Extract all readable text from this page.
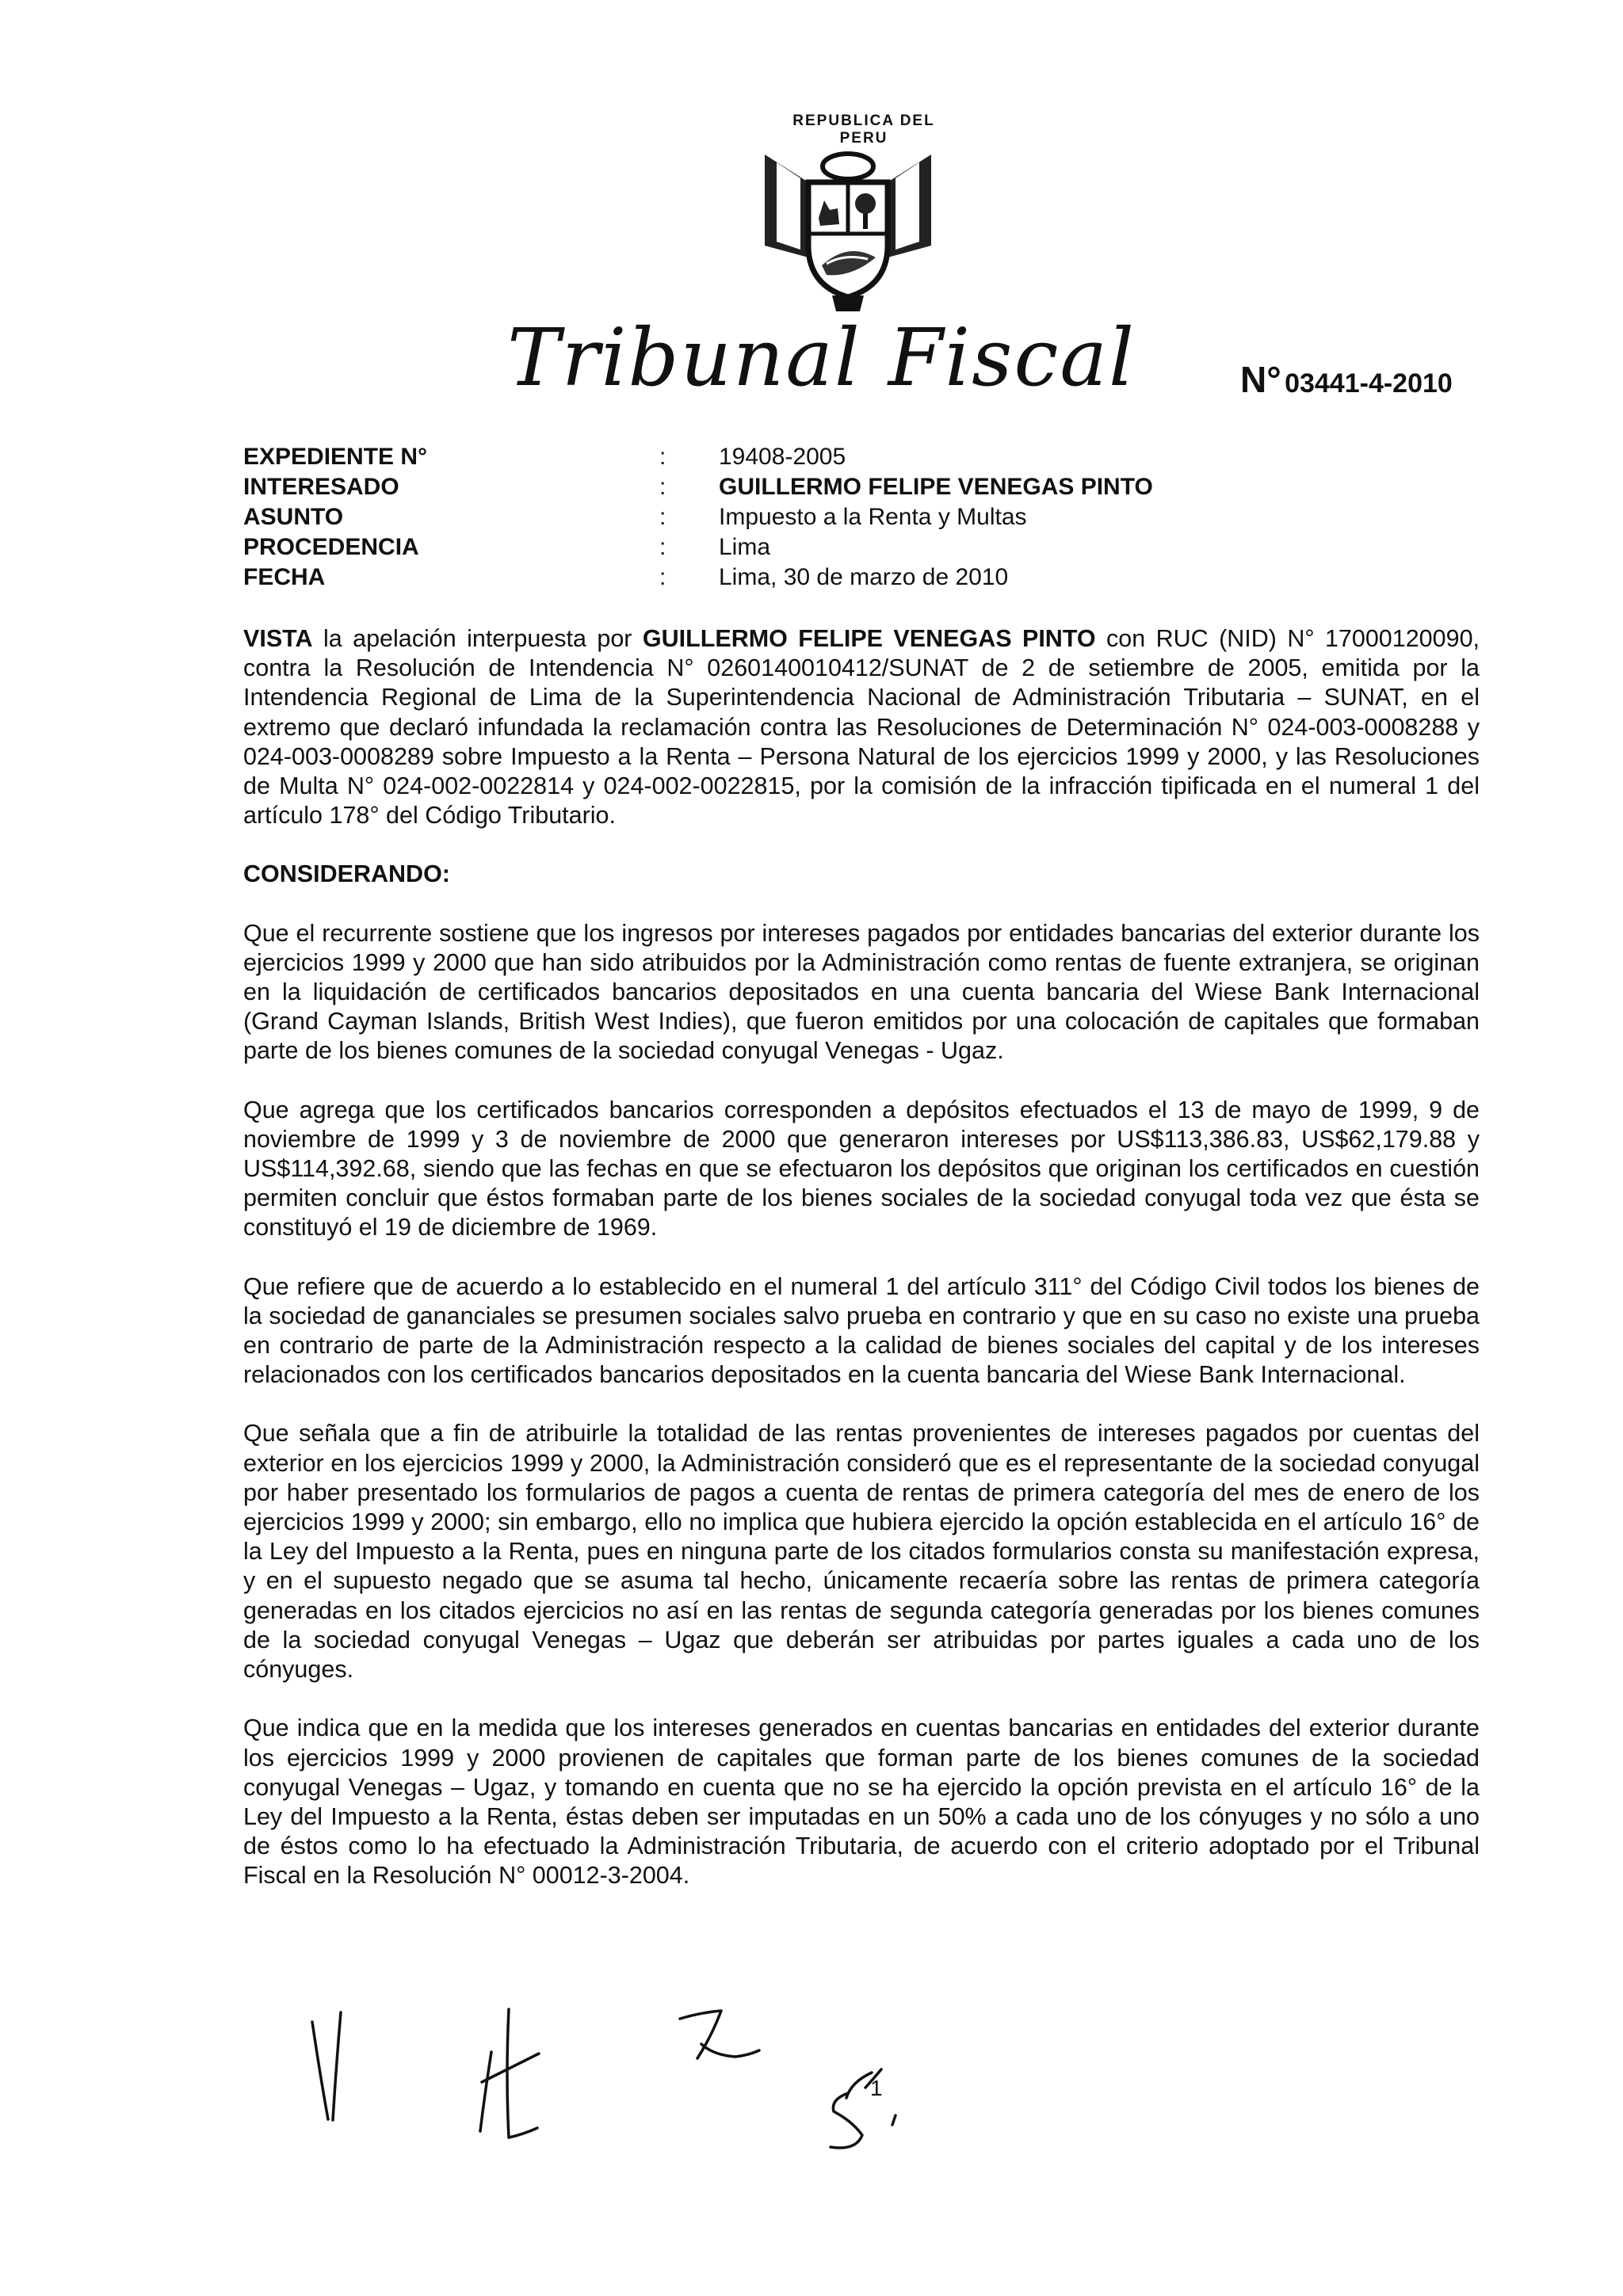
REPUBLICA DEL PERU
Tribunal Fiscal	N° 03441-4-2010
EXPEDIENTE N°	: 19408-2005
INTERESADO	: GUILLERMO FELIPE VENEGAS PINTO
ASUNTO	: Impuesto a la Renta y Multas
PROCEDENCIA	: Lima
FECHA	: Lima, 30 de marzo de 2010

VISTA la apelación interpuesta por GUILLERMO FELIPE VENEGAS PINTO con RUC (NID) N° 17000120090, contra la Resolución de Intendencia N° 0260140010412/SUNAT de 2 de setiembre de 2005, emitida por la Intendencia Regional de Lima de la Superintendencia Nacional de Administración Tributaria – SUNAT, en el extremo que declaró infundada la reclamación contra las Resoluciones de Determinación N° 024-003-0008288 y 024-003-0008289 sobre Impuesto a la Renta – Persona Natural de los ejercicios 1999 y 2000, y las Resoluciones de Multa N° 024-002-0022814 y 024-002-0022815, por la comisión de la infracción tipificada en el numeral 1 del artículo 178° del Código Tributario.

CONSIDERANDO:

Que el recurrente sostiene que los ingresos por intereses pagados por entidades bancarias del exterior durante los ejercicios 1999 y 2000 que han sido atribuidos por la Administración como rentas de fuente extranjera, se originan en la liquidación de certificados bancarios depositados en una cuenta bancaria del Wiese Bank Internacional (Grand Cayman Islands, British West Indies), que fueron emitidos por una colocación de capitales que formaban parte de los bienes comunes de la sociedad conyugal Venegas - Ugaz.

Que agrega que los certificados bancarios corresponden a depósitos efectuados el 13 de mayo de 1999, 9 de noviembre de 1999 y 3 de noviembre de 2000 que generaron intereses por US$113,386.83, US$62,179.88 y US$114,392.68, siendo que las fechas en que se efectuaron los depósitos que originan los certificados en cuestión permiten concluir que éstos formaban parte de los bienes sociales de la sociedad conyugal toda vez que ésta se constituyó el 19 de diciembre de 1969.

Que refiere que de acuerdo a lo establecido en el numeral 1 del artículo 311° del Código Civil todos los bienes de la sociedad de gananciales se presumen sociales salvo prueba en contrario y que en su caso no existe una prueba en contrario de parte de la Administración respecto a la calidad de bienes sociales del capital y de los intereses relacionados con los certificados bancarios depositados en la cuenta bancaria del Wiese Bank Internacional.

Que señala que a fin de atribuirle la totalidad de las rentas provenientes de intereses pagados por cuentas del exterior en los ejercicios 1999 y 2000, la Administración consideró que es el representante de la sociedad conyugal por haber presentado los formularios de pagos a cuenta de rentas de primera categoría del mes de enero de los ejercicios 1999 y 2000; sin embargo, ello no implica que hubiera ejercido la opción establecida en el artículo 16° de la Ley del Impuesto a la Renta, pues en ninguna parte de los citados formularios consta su manifestación expresa, y en el supuesto negado que se asuma tal hecho, únicamente recaería sobre las rentas de primera categoría generadas en los citados ejercicios no así en las rentas de segunda categoría generadas por los bienes comunes de la sociedad conyugal Venegas – Ugaz que deberán ser atribuidas por partes iguales a cada uno de los cónyuges.

Que indica que en la medida que los intereses generados en cuentas bancarias en entidades del exterior durante los ejercicios 1999 y 2000 provienen de capitales que forman parte de los bienes comunes de la sociedad conyugal Venegas – Ugaz, y tomando en cuenta que no se ha ejercido la opción prevista en el artículo 16° de la Ley del Impuesto a la Renta, éstas deben ser imputadas en un 50% a cada uno de los cónyuges y no sólo a uno de éstos como lo ha efectuado la Administración Tributaria, de acuerdo con el criterio adoptado por el Tribunal Fiscal en la Resolución N° 00012-3-2004.

1
